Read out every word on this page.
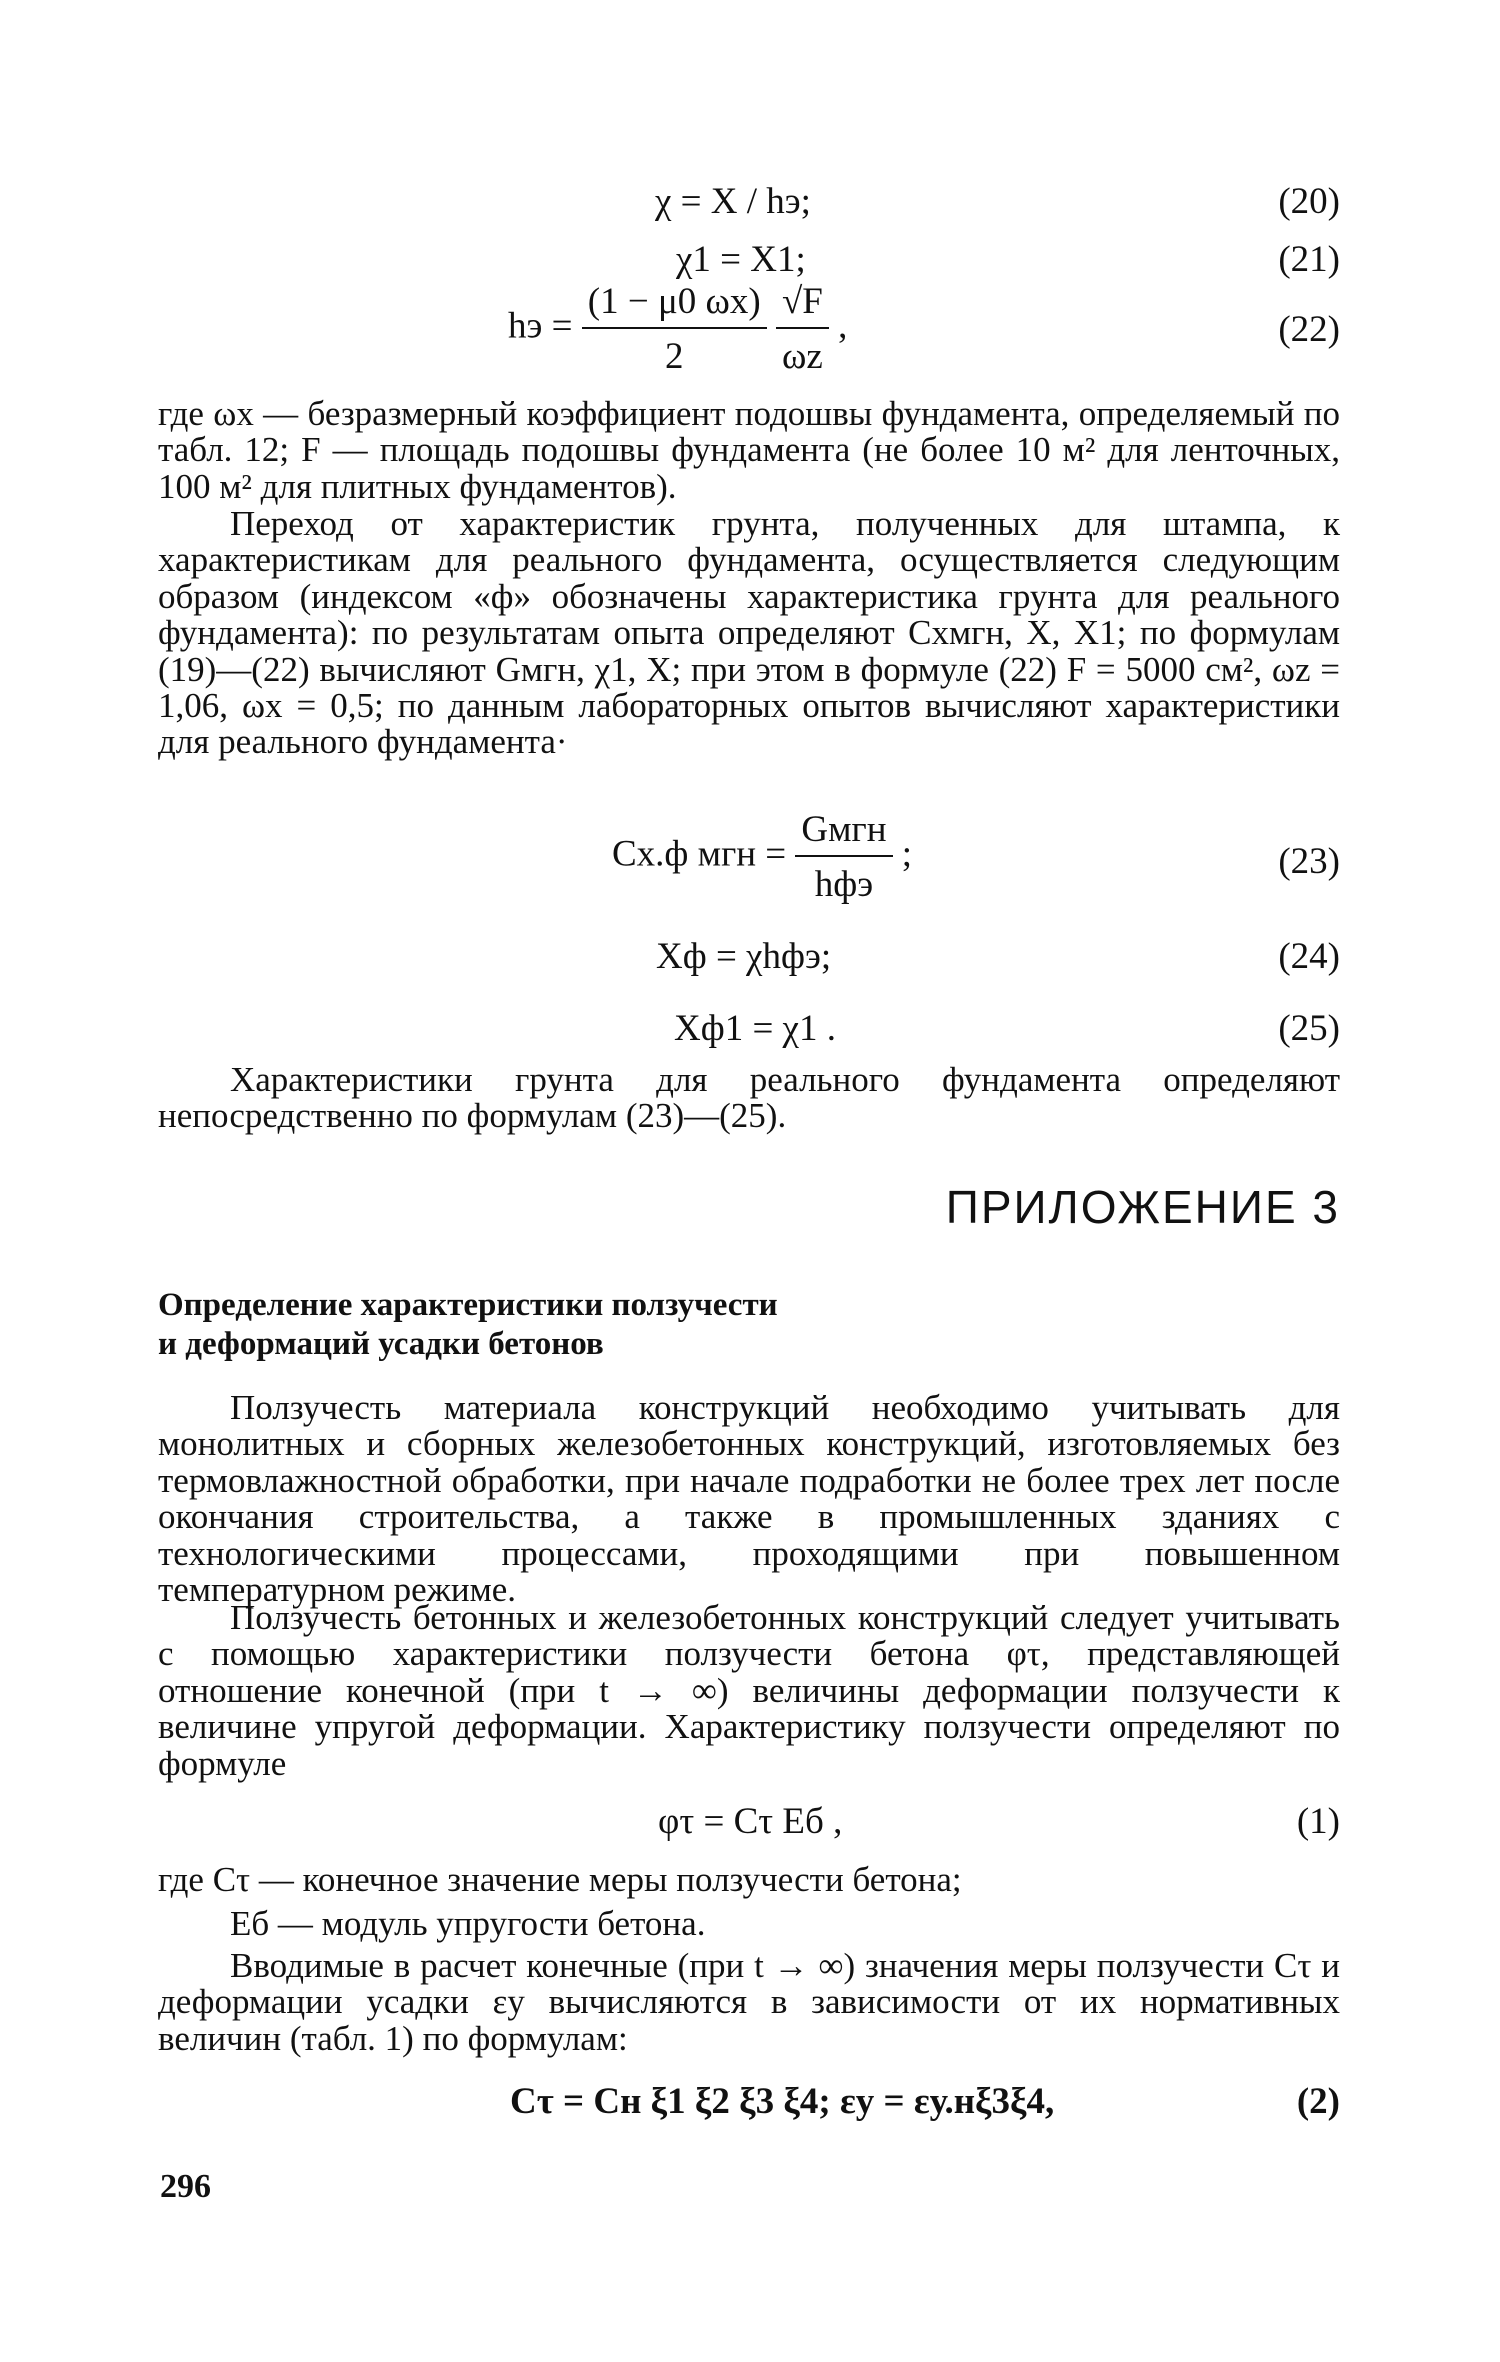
χ = X / hэ;	(20)
χ1 = X1;	(21)
hэ = $\frac{(1 - \mu 0 \omega x)}{2}$
$\frac{√F}{\omega z}$ ,	(22)

где ωx — безразмерный коэффициент подошвы фундамента, определяемый по табл. 12; F — площадь подошвы фундамента (не более 10 м² для ленточных, 100 м² для плитных фундаментов).

Переход от характеристик грунта, полученных для штампа, к характеристикам для реального фундамента, осуществляется следующим образом (индексом «ф» обозначены характеристика грунта для реального фундамента): по результатам опыта определяют Cxмгн, X, X1; по формулам (19)—(22) вычисляют Gмгн, χ1, X; при этом в формуле (22) F = 5000 см², ωz = 1,06, ωx = 0,5; по данным лабораторных опытов вычисляют характеристики для реального фундамента·

Cx.ф мгн = $\frac{\text{Gмгн}}{\text{hфэ}}$ ;	(23)
Xф = χhфэ;	(24)
Xф1 = χ1 .	(25)

Характеристики грунта для реального фундамента определяют непосредственно по формулам (23)—(25).

ПРИЛОЖЕНИЕ 3
Определение характеристики ползучести
и деформаций усадки бетонов

Ползучесть материала конструкций необходимо учитывать для монолитных и сборных железобетонных конструкций, изготовляемых без термовлажностной обработки, при начале подработки не более трех лет после окончания строительства, а также в промышленных зданиях с технологическими процессами, проходящими при повышенном температурном режиме.

Ползучесть бетонных и железобетонных конструкций следует учитывать с помощью характеристики ползучести бетона φτ, представляющей отношение конечной (при t → ∞) величины деформации ползучести к величине упругой деформации. Характеристику ползучести определяют по формуле

φτ = Cτ Eб ,	(1)

где Cτ — конечное значение меры ползучести бетона;

Eб — модуль упругости бетона.

Вводимые в расчет конечные (при t → ∞) значения меры ползучести Cτ и деформации усадки εу вычисляются в зависимости от их нормативных величин (табл. 1) по формулам:

Cτ = Cн ξ1 ξ2 ξ3 ξ4; εу = εу.нξ3ξ4,	(2)
296
